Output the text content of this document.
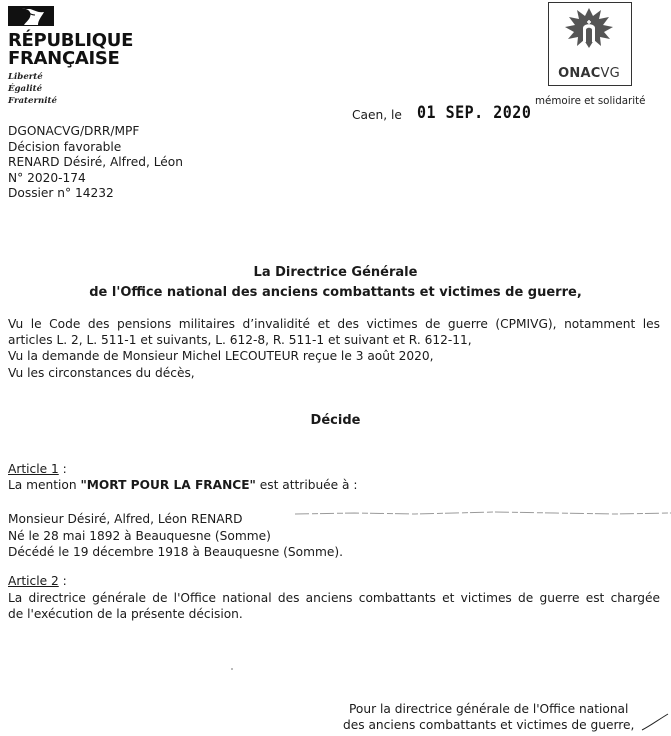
RÉPUBLIQUE
FRANÇAISE
Liberté
Égalité
Fraternité
ONACVG
mémoire et solidarité
Caen, le 01 SEP. 2020
DGONACVG/DRR/MPF
Décision favorable
RENARD Désiré, Alfred, Léon
N° 2020-174
Dossier n° 14232
La Directrice Générale
de l'Office national des anciens combattants et victimes de guerre,
Vu le Code des pensions militaires d’invalidité et des victimes de guerre (CPMIVG), notamment les
articles L. 2, L. 511-1 et suivants, L. 612-8, R. 511-1 et suivant et R. 612-11,
Vu la demande de Monsieur Michel LECOUTEUR reçue le 3 août 2020,
Vu les circonstances du décès,
Décide
Article 1 :
La mention "MORT POUR LA FRANCE" est attribuée à :
Monsieur Désiré, Alfred, Léon RENARD
Né le 28 mai 1892 à Beauquesne (Somme)
Décédé le 19 décembre 1918 à Beauquesne (Somme).
Article 2 :
La directrice générale de l'Office national des anciens combattants et victimes de guerre est chargée
de l'exécution de la présente décision.
Pour la directrice générale de l'Office national
des anciens combattants et victimes de guerre,
